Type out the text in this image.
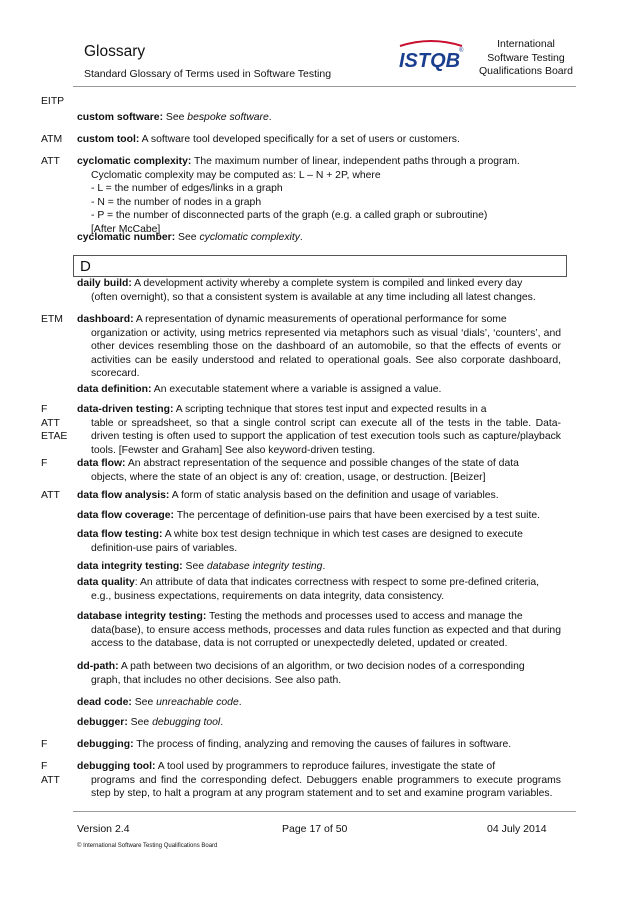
Glossary
Standard Glossary of Terms used in Software Testing
ISTQB
®
International
Software Testing
Qualifications Board
EITP
custom software: See bespoke software.
ATM	custom tool: A software tool developed specifically for a set of users or customers.
ATT	cyclomatic complexity: The maximum number of linear, independent paths through a program.
Cyclomatic complexity may be computed as: L – N + 2P, where
- L = the number of edges/links in a graph
- N = the number of nodes in a graph
- P = the number of disconnected parts of the graph (e.g. a called graph or subroutine)
[After McCabe]
cyclomatic number: See cyclomatic complexity.
daily build: A development activity whereby a complete system is compiled and linked every day
(often overnight), so that a consistent system is available at any time including all latest changes.
ETM	dashboard: A representation of dynamic measurements of operational performance for some
organization or activity, using metrics represented via metaphors such as visual ‘dials’, ‘counters’, and other devices resembling those on the dashboard of an automobile, so that the effects of events or activities can be easily understood and related to operational goals. See also corporate dashboard, scorecard.
data definition: An executable statement where a variable is assigned a value.
F
ATT
ETAE
data-driven testing: A scripting technique that stores test input and expected results in a
table or spreadsheet, so that a single control script can execute all of the tests in the table. Data-driven testing is often used to support the application of test execution tools such as capture/playback tools. [Fewster and Graham] See also keyword-driven testing.
F	data flow: An abstract representation of the sequence and possible changes of the state of data
objects, where the state of an object is any of: creation, usage, or destruction. [Beizer]
ATT	data flow analysis: A form of static analysis based on the definition and usage of variables.
data flow coverage: The percentage of definition-use pairs that have been exercised by a test suite.
data flow testing: A white box test design technique in which test cases are designed to execute
definition-use pairs of variables.
data integrity testing: See database integrity testing.
data quality: An attribute of data that indicates correctness with respect to some pre-defined criteria,
e.g., business expectations, requirements on data integrity, data consistency.
database integrity testing: Testing the methods and processes used to access and manage the
data(base), to ensure access methods, processes and data rules function as expected and that during access to the database, data is not corrupted or unexpectedly deleted, updated or created.
dd-path: A path between two decisions of an algorithm, or two decision nodes of a corresponding
graph, that includes no other decisions. See also path.
dead code: See unreachable code.
debugger: See debugging tool.
F	debugging: The process of finding, analyzing and removing the causes of failures in software.
F
ATT
debugging tool: A tool used by programmers to reproduce failures, investigate the state of
programs and find the corresponding defect. Debuggers enable programmers to execute programs step by step, to halt a program at any program statement and to set and examine program variables.
D
Version 2.4	Page 17 of 50	04 July 2014
© International Software Testing Qualifications Board
